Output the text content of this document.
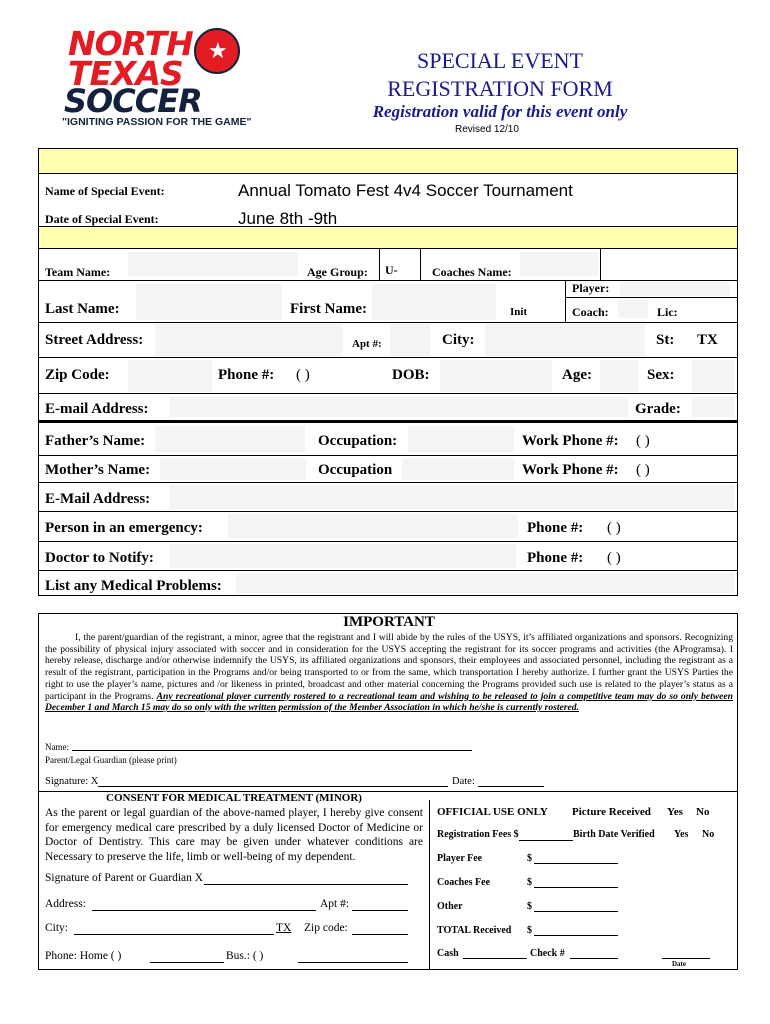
★
NORTH
TEXAS
SOCCER
"IGNITING PASSION FOR THE GAME"
SPECIAL EVENT
REGISTRATION FORM
Registration valid for this event only
Revised 12/10
Name of Special Event:	Annual Tomato Fest 4v4 Soccer Tournament
Date of Special Event:	June 8th -9th
Team Name:	Age Group: U-	Coaches Name:
Player:
Last Name:	First Name:	Init	Coach:	Lic:
Street Address:	Apt #:	City:	St: TX
Zip Code:	Phone #: ( )	DOB:	Age:	Sex:
E-mail Address:	Grade:
Father’s Name:	Occupation:	Work Phone #: ( )
Mother’s Name:	Occupation	Work Phone #: ( )
E-Mail Address:
Person in an emergency:	Phone #: ( )
Doctor to Notify:	Phone #: ( )
List any Medical Problems:
IMPORTANT
I, the parent/guardian of the registrant, a minor, agree that the registrant and I will abide by the rules of the USYS, it’s affiliated organizations and sponsors. Recognizing the possibility of physical injury associated with soccer and in consideration for the USYS accepting the registrant for its soccer programs and activities (the AProgramsa). I hereby release, discharge and/or otherwise indemnify the USYS, its affiliated organizations and sponsors, their employees and associated personnel, including the registrant as a result of the registrant, participation in the Programs and/or being transported to or from the same, which transportation I hereby authorize. I further grant the USYS Parties the right to use the player’s name, pictures and /or likeness in printed, broadcast and other material concerning the Programs provided such use is related to the player’s status as a participant in the Programs. Any recreational player currently rostered to a recreational team and wishing to be released to join a competitive team may do so only between December 1 and March 15 may do so only with the written permission of the Member Association in which he/she is currently rostered.
Name:
Parent/Legal Guardian (please print)
Signature: X	Date:
CONSENT FOR MEDICAL TREATMENT (MINOR)
As the parent or legal guardian of the above-named player, I hereby give consent for emergency medical care prescribed by a duly licensed Doctor of Medicine or Doctor of Dentistry. This care may be given under whatever conditions are Necessary to preserve the life, limb or well-being of my dependent.
Signature of Parent or Guardian X
Address:	Apt #:
City:	TX Zip code:
Phone: Home ( )	Bus.: ( )
OFFICIAL USE ONLY Picture Received Yes No
Registration Fees $	Birth Date Verified Yes No
Player Fee	$
Coaches Fee	$
Other	$
TOTAL Received $
Cash	Check #
Date
